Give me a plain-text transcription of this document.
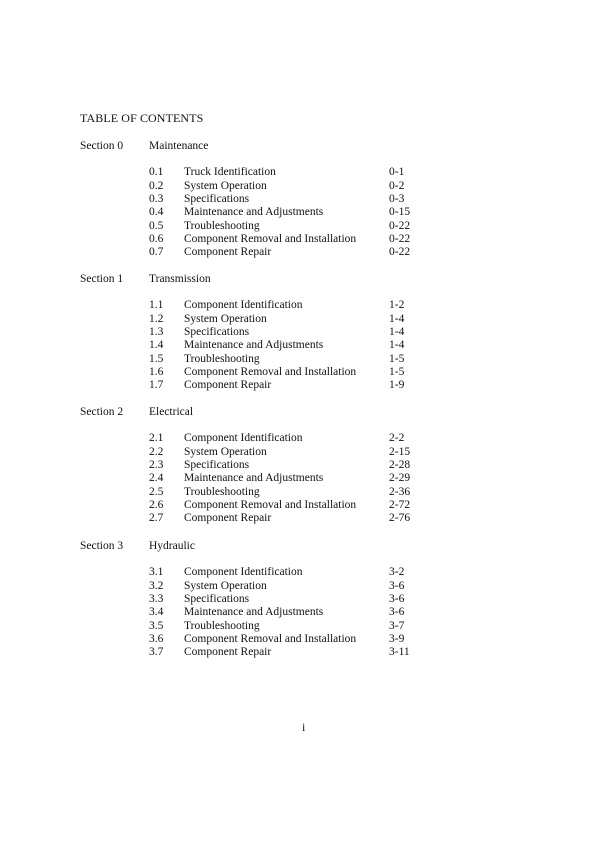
TABLE OF CONTENTS
Section 0 Maintenance
0.1 Truck Identification	0-1
0.2 System Operation	0-2
0.3 Specifications	0-3
0.4 Maintenance and Adjustments	0-15
0.5 Troubleshooting	0-22
0.6 Component Removal and Installation	0-22
0.7 Component Repair	0-22
Section 1 Transmission
1.1 Component Identification	1-2
1.2 System Operation	1-4
1.3 Specifications	1-4
1.4 Maintenance and Adjustments	1-4
1.5 Troubleshooting	1-5
1.6 Component Removal and Installation	1-5
1.7 Component Repair	1-9
Section 2 Electrical
2.1 Component Identification	2-2
2.2 System Operation	2-15
2.3 Specifications	2-28
2.4 Maintenance and Adjustments	2-29
2.5 Troubleshooting	2-36
2.6 Component Removal and Installation	2-72
2.7 Component Repair	2-76
Section 3 Hydraulic
3.1 Component Identification	3-2
3.2 System Operation	3-6
3.3 Specifications	3-6
3.4 Maintenance and Adjustments	3-6
3.5 Troubleshooting	3-7
3.6 Component Removal and Installation	3-9
3.7 Component Repair	3-11
i
